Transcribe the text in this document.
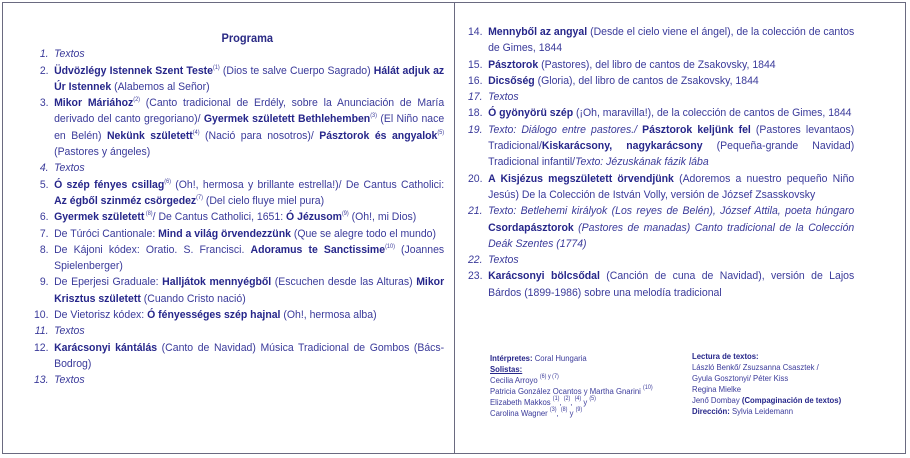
Programa
1. Textos
2. Üdvözlégy Istennek Szent Teste$^{(1)}$ (Dios te salve Cuerpo Sagrado) Hálát adjuk az Úr Istennek (Alabemos al Señor)
3. Mikor Máriához$^{(2)}$ (Canto tradicional de Erdély, sobre la Anunciación de María derivado del canto gregoriano)/ Gyermek született Bethlehemben$^{(3)}$ (El Niño nace en Belén) Nekünk született$^{(4)}$ (Nació para nosotros)/ Pásztorok és angyalok$^{(5)}$ (Pastores y ángeles)
4. Textos
5. Ó szép fényes csillag$^{(6)}$ (Oh!, hermosa y brillante estrella!)/ De Cantus Catholici: Az égből szinméz csörgedez$^{(7)}$ (Del cielo fluye miel pura)
6. Gyermek született $^{(8)}$/ De Cantus Catholici, 1651: Ó Jézusom$^{(9)}$ (Oh!, mi Dios)
7. De Túróci Cantionale: Mind a világ örvendezzünk (Que se alegre todo el mundo)
8. De Kájoni kódex: Oratio. S. Francisci. Adoramus te Sanctissime$^{(10)}$ (Joannes Spielenberger)
9. De Eperjesi Graduale: Halljátok mennyégből (Escuchen desde las Alturas) Mikor Krisztus született (Cuando Cristo nació)
10. De Vietorisz kódex: Ó fényességes szép hajnal (Oh!, hermosa alba)
11. Textos
12. Karácsonyi kántálás (Canto de Navidad) Música Tradicional de Gombos (Bács-Bodrog)
13. Textos
14. Mennyből az angyal (Desde el cielo viene el ángel), de la colección de cantos de Gimes, 1844
15. Pásztorok (Pastores), del libro de cantos de Zsakovsky, 1844
16. Dicsőség (Gloria), del libro de cantos de Zsakovsky, 1844
17. Textos
18. Ó gyönyörü szép (¡Oh, maravilla!), de la colección de cantos de Gimes, 1844
19. Texto: Diálogo entre pastores./ Pásztorok keljünk fel (Pastores levantaos) Tradicional/Kiskarácsony, nagykarácsony (Pequeña-grande Navidad) Tradicional infantil/Texto: Jézuskának fázik lába
20. A Kisjézus megszületett örvendjünk (Adoremos a nuestro pequeño Niño Jesús) De la Colección de István Volly, versión de József Zsasskovsky
21. Texto: Betlehemi királyok (Los reyes de Belén), József Attila, poeta húngaro Csordapásztorok (Pastores de manadas) Canto tradicional de la Colección Deák Szentes (1774)
22. Textos
23. Karácsonyi bölcsődal (Canción de cuna de Navidad), versión de Lajos Bárdos (1899-1986) sobre una melodía tradicional
Intérpretes: Coral Hungaria
Solistas:
Cecilia Arroyo $^{(6) y (7)}$
Patricia González Ocantos y Martha Gnarini $^{(10)}$
Elizabeth Makkos $^{(1)}$, $^{(2)}$, $^{(4)}$ y $^{(5)}$
Carolina Wagner $^{(3)}$, $^{(8)}$ y $^{(9)}$
Lectura de textos:
László Benkő/ Zsuzsanna Csasztek /
Gyula Gosztonyi/ Péter Kiss
Regina Mielke
Jenő Dombay (Compaginación de textos)
Dirección: Sylvia Leidemann
